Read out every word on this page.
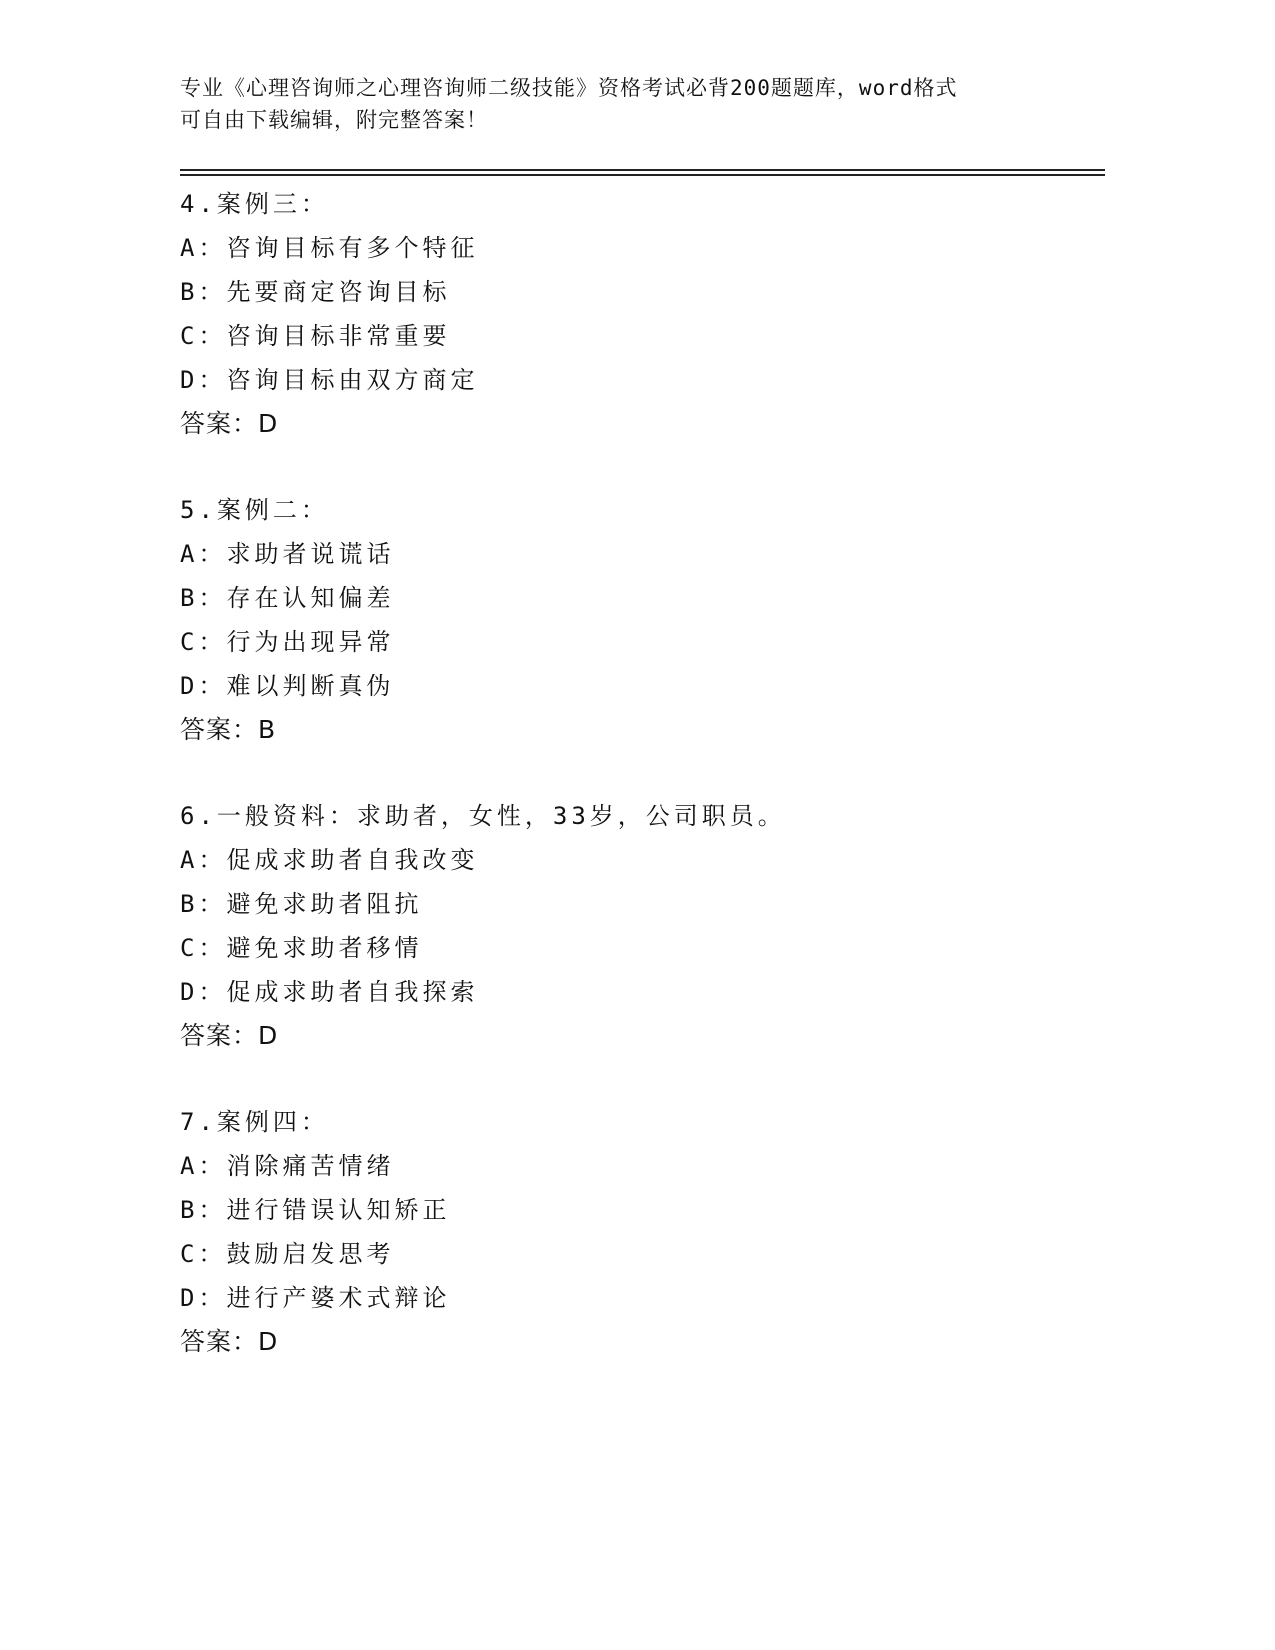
专业《心理咨询师之心理咨询师二级技能》资格考试必背200题题库，word格式
可自由下载编辑，附完整答案！
4.案例三：
A：咨询目标有多个特征
B：先要商定咨询目标
C：咨询目标非常重要
D：咨询目标由双方商定
答案：D
5.案例二：
A：求助者说谎话
B：存在认知偏差
C：行为出现异常
D：难以判断真伪
答案：B
6.一般资料：求助者，女性，33岁，公司职员。
A：促成求助者自我改变
B：避免求助者阻抗
C：避免求助者移情
D：促成求助者自我探索
答案：D
7.案例四：
A：消除痛苦情绪
B：进行错误认知矫正
C：鼓励启发思考
D：进行产婆术式辩论
答案：D
